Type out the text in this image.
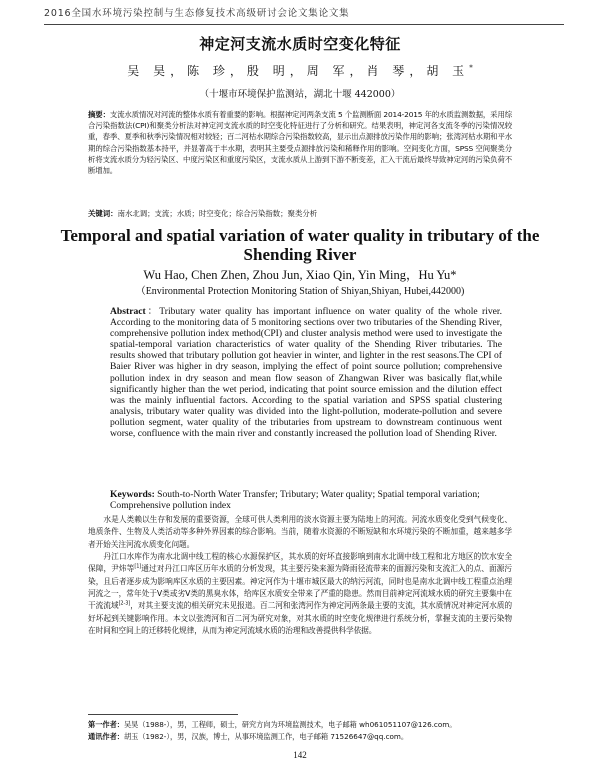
2016全国水环境污染控制与生态修复技术高级研讨会论文集论文集
神定河支流水质时空变化特征
吴 昊，陈 珍，殷 明，周 军，肖 琴，胡 玉*
（十堰市环境保护监测站，湖北十堰 442000）
摘要：支流水质情况对河流的整体水质有着重要的影响。根据神定河两条支流 5 个监测断面 2014-2015 年的水质监测数据，采用综合污染指数法(CPI)和聚类分析法对神定河支流水质的时空变化特征进行了分析和研究。结果表明，神定河各支流冬季的污染情况较重，春季、夏季和秋季污染情况相对较轻；百二河枯水期综合污染指数较高，显示出点源排放污染作用的影响；张湾河枯水期和平水期的综合污染指数基本持平，并显著高于丰水期，表明其主要受点源排放污染和稀释作用的影响。空间变化方面，SPSS 空间聚类分析将支流水质分为轻污染区、中度污染区和重度污染区，支流水质从上游到下游不断变差，汇入干流后最终导致神定河的污染负荷不断增加。
关键词：南水北调；支流；水质；时空变化；综合污染指数；聚类分析
Temporal and spatial variation of water quality in tributary of the Shending River
Wu Hao, Chen Zhen, Zhou Jun, Xiao Qin, Yin Ming，Hu Yu*
（Environmental Protection Monitoring Station of Shiyan,Shiyan, Hubei,442000)
Abstract：Tributary water quality has important influence on water quality of the whole river. According to the monitoring data of 5 monitoring sections over two tributaries of the Shending River, comprehensive pollution index method(CPI) and cluster analysis method were used to investigate the spatial-temporal variation characteristics of water quality of the Shending River tributaries. The results showed that tributary pollution got heavier in winter, and lighter in the rest seasons.The CPI of Baier River was higher in dry season, implying the effect of point source pollution; comprehensive pollution index in dry season and mean flow season of Zhangwan River was basically flat,while significantly higher than the wet period, indicating that point source emission and the dilution effect was the mainly influential factors. According to the spatial variation and SPSS spatial clustering analysis, tributary water quality was divided into the light-pollution, moderate-pollution and severe pollution segment, water quality of the tributaries from upstream to downstream continuous went worse, confluence with the main river and constantly increased the pollution load of Shending River.
Keywords: South-to-North Water Transfer; Tributary; Water quality; Spatial temporal variation; Comprehensive pollution index

水是人类赖以生存和发展的重要资源，全球可供人类利用的淡水资源主要为陆地上的河流。河流水质变化受到气候变化、地质条件、生物及人类活动等多种外界因素的综合影响。当前，随着水资源的不断短缺和水环境污染的不断加重，越来越多学者开始关注河流水质变化问题。

丹江口水库作为南水北调中线工程的核心水源保护区，其水质的好坏直接影响到南水北调中线工程和北方地区的饮水安全保障，尹炜等[1]通过对丹江口库区历年水质的分析发现，其主要污染来源为降雨径流带来的面源污染和支流汇入的点、面源污染，且后者逐步成为影响库区水质的主要因素。神定河作为十堰市城区最大的纳污河流，同时也是南水北调中线工程重点治理河流之一，常年处于Ⅴ类或劣Ⅴ类的黑臭水体，给库区水质安全带来了严重的隐患。然而目前神定河流域水质的研究主要集中在干流流域[2-3]，对其主要支流的相关研究未见报道。百二河和张湾河作为神定河两条最主要的支流，其水质情况对神定河水质的好坏起到关键影响作用。本文以张湾河和百二河为研究对象，对其水质的时空变化规律进行系统分析，掌握支流的主要污染物在时间和空间上的迁移转化规律，从而为神定河流域水质的治理和改善提供科学依据。

第一作者：吴昊（1988-），男，工程师，硕士，研究方向为环境监测技术，电子邮箱 wh061051107@126.com。
通讯作者：胡玉（1982-），男，汉族，博士，从事环境监测工作，电子邮箱 71526647@qq.com。
142
